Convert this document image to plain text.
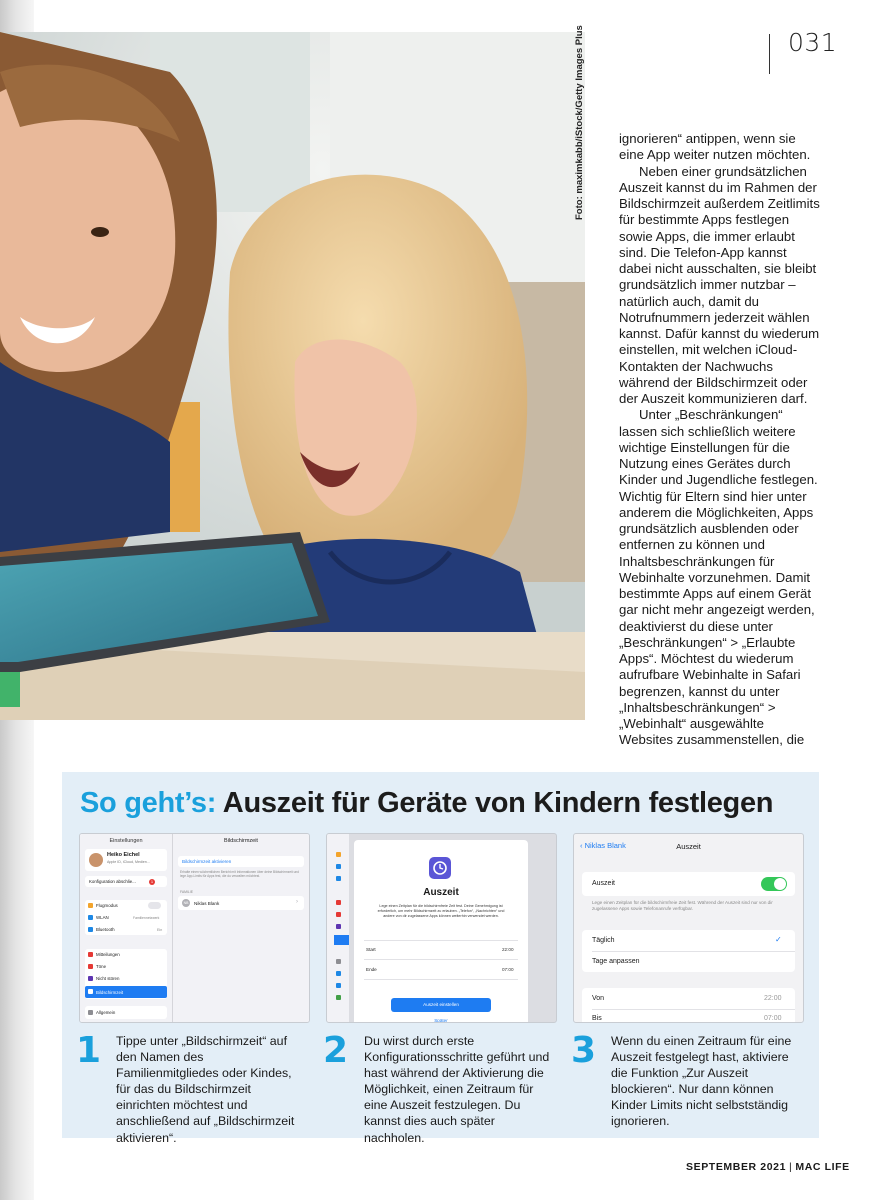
031
Foto: maximkabb/iStock/Getty Images Plus	ignorieren“ antippen, wenn sie eine App weiter nutzen möchten.

Neben einer grundsätzlichen Auszeit kannst du im Rahmen der Bildschirmzeit außerdem Zeitlimits für bestimmte Apps festlegen sowie Apps, die immer erlaubt sind. Die Telefon-App kannst dabei nicht ausschalten, sie bleibt grundsätzlich immer nutzbar – natürlich auch, damit du Notrufnummern jederzeit wählen kannst. Dafür kannst du wiederum einstellen, mit welchen iCloud-Kontakten der Nachwuchs während der Bildschirmzeit oder der Auszeit kommunizieren darf.

Unter „Beschränkungen“ lassen sich schließlich weitere wichtige Einstellungen für die Nutzung eines Gerätes durch Kinder und Jugendliche festlegen. Wichtig für Eltern sind hier unter anderem die Möglichkeiten, Apps grundsätzlich ausblenden oder entfernen zu können und Inhaltsbeschränkungen für Webinhalte vorzunehmen. Damit bestimmte Apps auf einem Gerät gar nicht mehr angezeigt werden, deaktivierst du diese unter „Beschränkungen“ > „Erlaubte Apps“. Möchtest du wiederum aufrufbare Webinhalte in Safari begrenzen, kannst du unter „Inhaltsbeschränkungen“ > „Webinhalt“ ausgewählte Websites zusammenstellen, die

So geht’s: Auszeit für Geräte von Kindern festlegen
Einstellungen
Heiko Eichel
Apple ID, iCloud, Medien...
Konfiguration abschlie...	1
Flugmodus
WLAN	Familiennetzwerk
Bluetooth	Ein
Mitteilungen
Töne
Nicht stören
Bildschirmzeit
Allgemein
Bildschirmzeit
Bildschirmzeit aktivieren
Erhalte einen wöchentlichen Bericht mit Informationen über deine Bildschirmzeit und lege App-Limits für Apps fest, die du verwalten möchtest.
FAMILIE
NB	Niklas Blank	›
Auszeit
Lege einen Zeitplan für die bildschirmfreie Zeit fest. Deine Genehmigung ist erforderlich, um mehr Bildschirmzeit zu erlauben. „Telefon“, „Nachrichten“ und andere von dir zugelassene Apps können weiterhin verwendet werden.
Start	22:00
Ende	07:00
Auszeit einstellen
Später
‹ Niklas Blank	Auszeit
Auszeit
Lege einen Zeitplan für die bildschirmfreie Zeit fest. Während der Auszeit sind nur von dir zugelassene Apps sowie Telefonanrufe verfügbar.
Täglich	✓
Tage anpassen
Von	22:00
Bis	07:00
1 Tippe unter „Bildschirmzeit“ auf den Namen des Familienmitgliedes oder Kindes, für das du Bildschirmzeit einrichten möchtest und anschließend auf „Bildschirmzeit aktivieren“.
2 Du wirst durch erste Konfigurationsschritte geführt und hast während der Aktivierung die Möglichkeit, einen Zeitraum für eine Auszeit festzulegen. Du kannst dies auch später nachholen.
3 Wenn du einen Zeitraum für eine Auszeit festgelegt hast, aktiviere die Funktion „Zur Auszeit blockieren“. Nur dann können Kinder Limits nicht selbstständig ignorieren.
SEPTEMBER 2021 | MAC LIFE
